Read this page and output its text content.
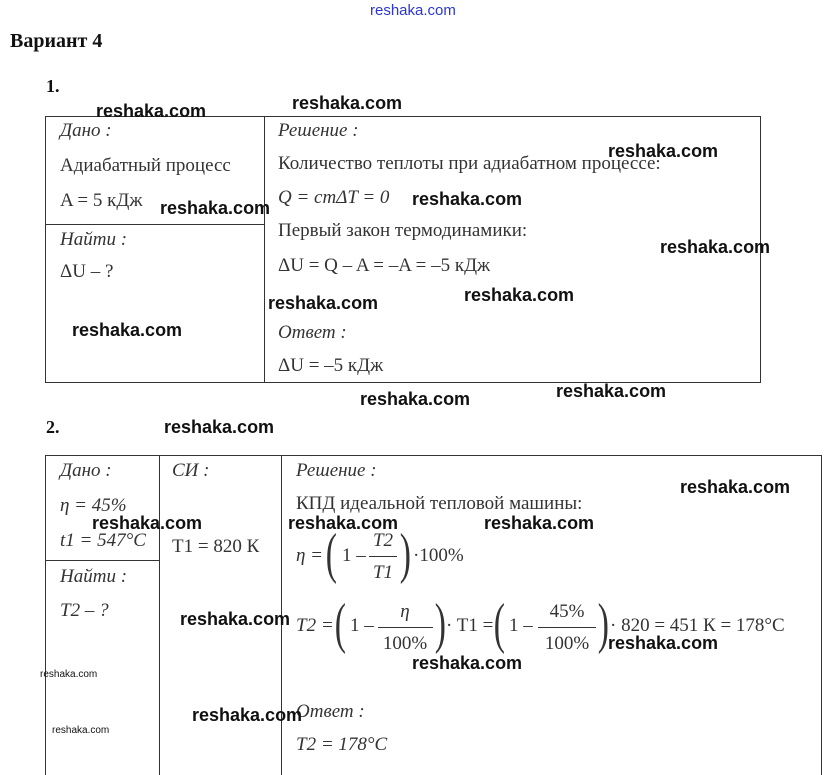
reshaka.com
Вариант 4
1.
Дано :
Адиабатный процесс
A = 5 кДж
Найти :
ΔU – ?
Решение :
Количество теплоты при адиабатном процессе:
Q = cmΔT = 0
Первый закон термодинамики:
ΔU = Q – A = –A = –5 кДж
Ответ :
ΔU = –5 кДж
2.
Дано :
η = 45%
t1 = 547°C
Найти :
T2 – ?
СИ :
T1 = 820 К
Решение :
КПД идеальной тепловой машины:
η = ( 1 –
T2
T1 ) ·100%
T2 = ( 1 –
η
100% ) · T1 = ( 1 –
45%
100% ) · 820 = 451 К = 178°C
Ответ :
T2 = 178°C
reshaka.com	reshaka.com
reshaka.com
reshaka.com	reshaka.com
reshaka.com
reshaka.com	reshaka.com
reshaka.com
reshaka.com
reshaka.com
reshaka.com
reshaka.com
reshaka.com	reshaka.com	reshaka.com
reshaka.com
reshaka.com
reshaka.com
reshaka.com
reshaka.com
reshaka.com
